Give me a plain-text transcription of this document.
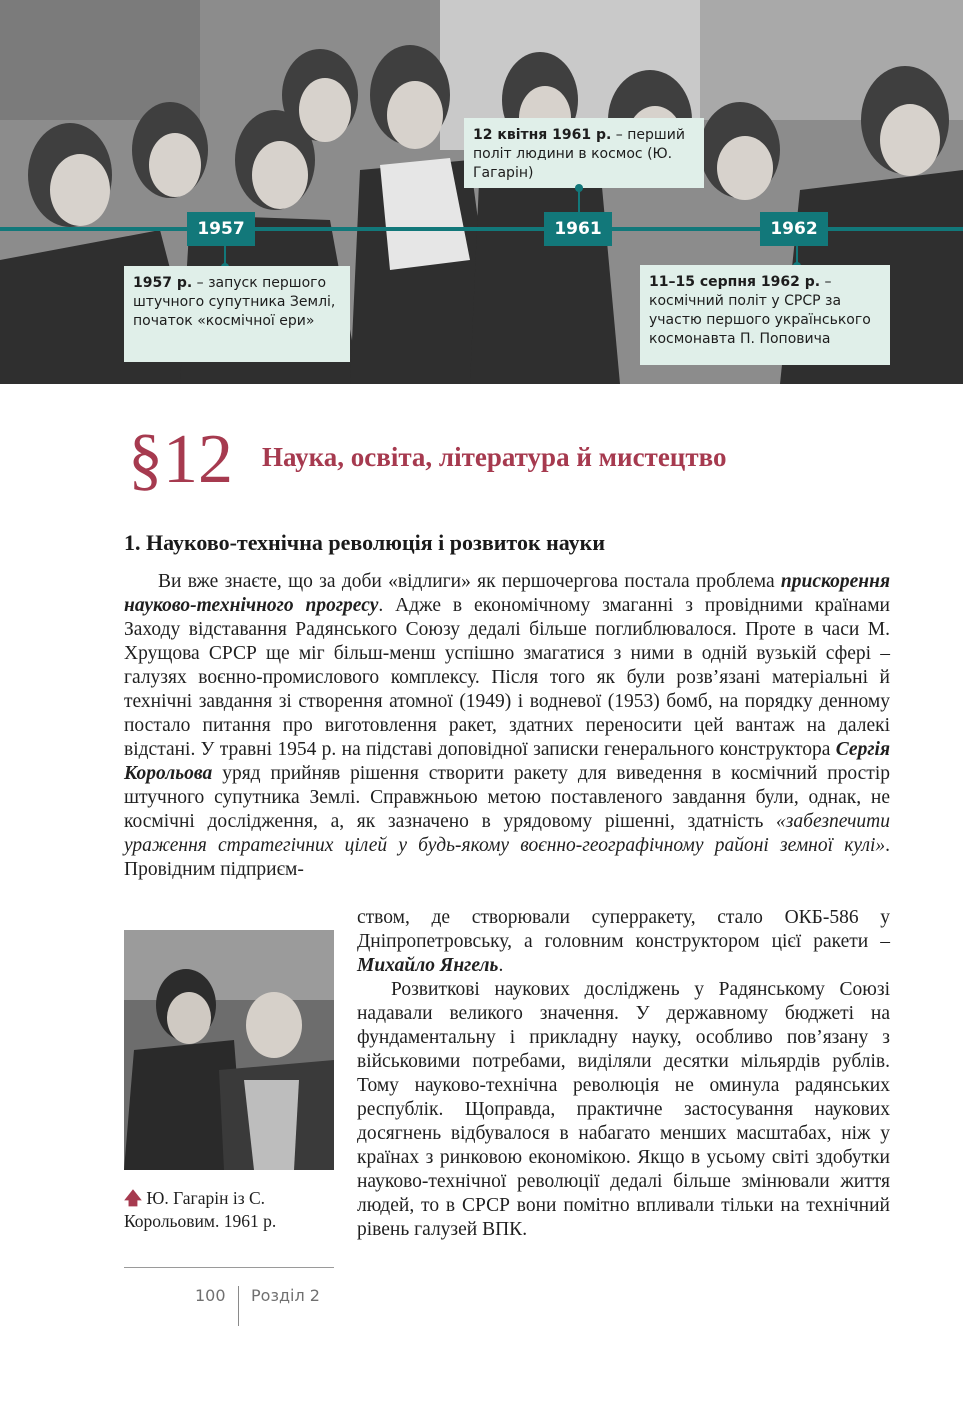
1957
1957 р. – запуск першого штучного супутника Землі, початок «космічної ери»
12 квітня 1961 р. – перший політ людини в космос (Ю. Гагарін)
1961	1962
11–15 серпня 1962 р. – космічний політ у СРСР за участю першого українського космонавта П. Поповича
§12 Наука, освіта, література й мистецтво
1. Науково-технічна революція і розвиток науки

Ви вже знаєте, що за доби «відлиги» як першочергова постала проблема прискорення науково-технічного прогресу. Адже в економічному змаганні з провідними країнами Заходу відставання Радянського Союзу дедалі більше поглиблювалося. Проте в часи М. Хрущова СРСР ще міг більш-менш успішно змагатися з ними в одній вузькій сфері – галузях воєнно-промислового комплексу. Після того як були розв’язані матеріальні й технічні завдання зі створення атомної (1949) і водневої (1953) бомб, на порядку денному постало питання про виготовлення ракет, здатних переносити цей вантаж на далекі відстані. У травні 1954 р. на підставі доповідної записки генерального конструктора Сергія Корольова уряд прийняв рішення створити ракету для виведення в космічний простір штучного супутника Землі. Справжньою метою поставленого завдання були, однак, не космічні дослідження, а, як зазначено в урядовому рішенні, здатність «забезпечити ураження стратегічних цілей у будь-якому воєнно-географічному районі земної кулі». Провідним підприєм-

ством, де створювали суперракету, стало ОКБ-586 у Дніпропетровську, а головним конструктором цієї ракети – Михайло Янгель.

Розвиткові наукових досліджень у Радянському Союзі надавали великого значення. У державному бюджеті на фундаментальну і прикладну науку, особливо пов’язану з військовими потребами, виділяли десятки мільярдів рублів. Тому науково-технічна революція не оминула радянських республік. Щоправда, практичне застосування наукових досягнень відбувалося в набагато менших масштабах, ніж у країнах з ринковою економікою. Якщо в усьому світі здобутки науково-технічної революції дедалі більше змінювали життя людей, то в СРСР вони помітно впливали тільки на технічний рівень галузей ВПК.

🡅 Ю. Гагарін із С. Корольовим. 1961 р.
100 Розділ 2
